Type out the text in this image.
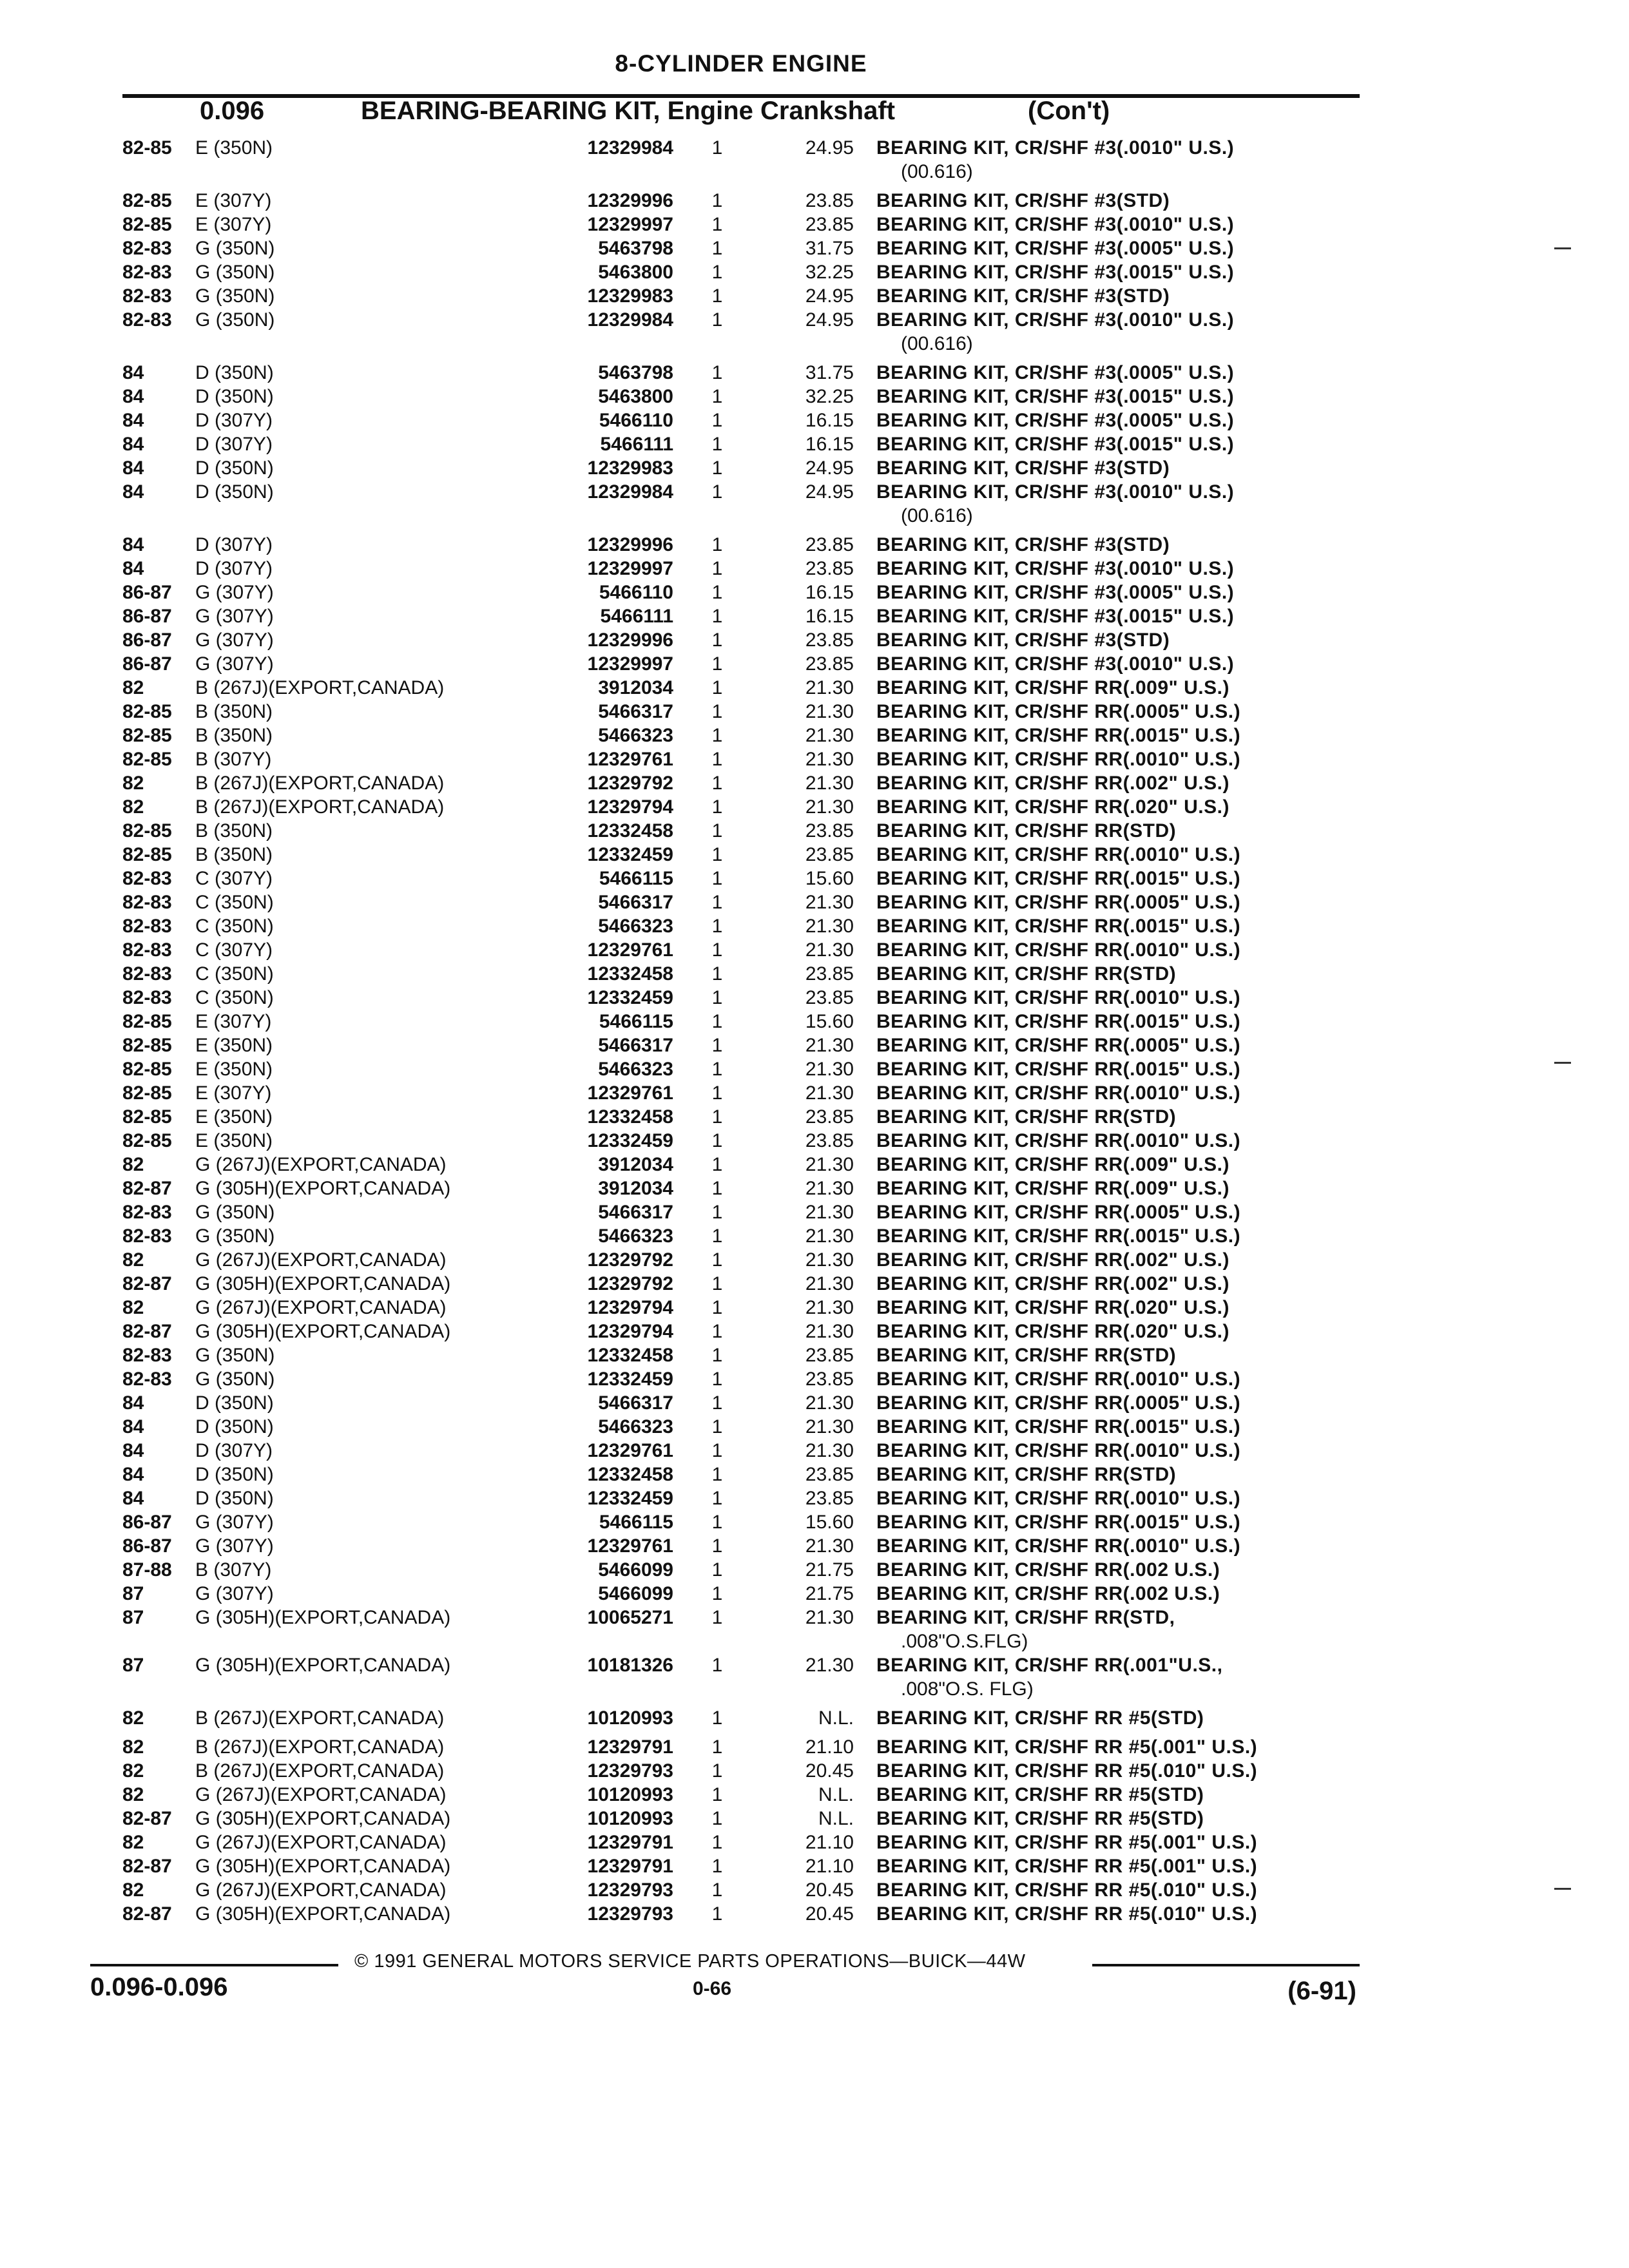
8-CYLINDER ENGINE
0.096	BEARING-BEARING KIT, Engine Crankshaft	(Con't)
82-85	E (350N)	12329984 1	24.95 BEARING KIT, CR/SHF #3(.0010" U.S.)
(00.616)
82-85	E (307Y)	12329996 1	23.85 BEARING KIT, CR/SHF #3(STD)
82-85	E (307Y)	12329997 1	23.85 BEARING KIT, CR/SHF #3(.0010" U.S.)
82-83	G (350N)	5463798 1	31.75 BEARING KIT, CR/SHF #3(.0005" U.S.)
82-83	G (350N)	5463800 1	32.25 BEARING KIT, CR/SHF #3(.0015" U.S.)
82-83	G (350N)	12329983 1	24.95 BEARING KIT, CR/SHF #3(STD)
82-83	G (350N)	12329984 1	24.95 BEARING KIT, CR/SHF #3(.0010" U.S.)
(00.616)
84	D (350N)	5463798 1	31.75 BEARING KIT, CR/SHF #3(.0005" U.S.)
84	D (350N)	5463800 1	32.25 BEARING KIT, CR/SHF #3(.0015" U.S.)
84	D (307Y)	5466110 1	16.15 BEARING KIT, CR/SHF #3(.0005" U.S.)
84	D (307Y)	5466111 1	16.15 BEARING KIT, CR/SHF #3(.0015" U.S.)
84	D (350N)	12329983 1	24.95 BEARING KIT, CR/SHF #3(STD)
84	D (350N)	12329984 1	24.95 BEARING KIT, CR/SHF #3(.0010" U.S.)
(00.616)
84	D (307Y)	12329996 1	23.85 BEARING KIT, CR/SHF #3(STD)
84	D (307Y)	12329997 1	23.85 BEARING KIT, CR/SHF #3(.0010" U.S.)
86-87	G (307Y)	5466110 1	16.15 BEARING KIT, CR/SHF #3(.0005" U.S.)
86-87	G (307Y)	5466111 1	16.15 BEARING KIT, CR/SHF #3(.0015" U.S.)
86-87	G (307Y)	12329996 1	23.85 BEARING KIT, CR/SHF #3(STD)
86-87	G (307Y)	12329997 1	23.85 BEARING KIT, CR/SHF #3(.0010" U.S.)
82	B (267J)(EXPORT,CANADA)	3912034 1	21.30 BEARING KIT, CR/SHF RR(.009" U.S.)
82-85	B (350N)	5466317 1	21.30 BEARING KIT, CR/SHF RR(.0005" U.S.)
82-85	B (350N)	5466323 1	21.30 BEARING KIT, CR/SHF RR(.0015" U.S.)
82-85	B (307Y)	12329761 1	21.30 BEARING KIT, CR/SHF RR(.0010" U.S.)
82	B (267J)(EXPORT,CANADA)	12329792 1	21.30 BEARING KIT, CR/SHF RR(.002" U.S.)
82	B (267J)(EXPORT,CANADA)	12329794 1	21.30 BEARING KIT, CR/SHF RR(.020" U.S.)
82-85	B (350N)	12332458 1	23.85 BEARING KIT, CR/SHF RR(STD)
82-85	B (350N)	12332459 1	23.85 BEARING KIT, CR/SHF RR(.0010" U.S.)
82-83	C (307Y)	5466115 1	15.60 BEARING KIT, CR/SHF RR(.0015" U.S.)
82-83	C (350N)	5466317 1	21.30 BEARING KIT, CR/SHF RR(.0005" U.S.)
82-83	C (350N)	5466323 1	21.30 BEARING KIT, CR/SHF RR(.0015" U.S.)
82-83	C (307Y)	12329761 1	21.30 BEARING KIT, CR/SHF RR(.0010" U.S.)
82-83	C (350N)	12332458 1	23.85 BEARING KIT, CR/SHF RR(STD)
82-83	C (350N)	12332459 1	23.85 BEARING KIT, CR/SHF RR(.0010" U.S.)
82-85	E (307Y)	5466115 1	15.60 BEARING KIT, CR/SHF RR(.0015" U.S.)
82-85	E (350N)	5466317 1	21.30 BEARING KIT, CR/SHF RR(.0005" U.S.)
82-85	E (350N)	5466323 1	21.30 BEARING KIT, CR/SHF RR(.0015" U.S.)
82-85	E (307Y)	12329761 1	21.30 BEARING KIT, CR/SHF RR(.0010" U.S.)
82-85	E (350N)	12332458 1	23.85 BEARING KIT, CR/SHF RR(STD)
82-85	E (350N)	12332459 1	23.85 BEARING KIT, CR/SHF RR(.0010" U.S.)
82	G (267J)(EXPORT,CANADA)	3912034 1	21.30 BEARING KIT, CR/SHF RR(.009" U.S.)
82-87	G (305H)(EXPORT,CANADA)	3912034 1	21.30 BEARING KIT, CR/SHF RR(.009" U.S.)
82-83	G (350N)	5466317 1	21.30 BEARING KIT, CR/SHF RR(.0005" U.S.)
82-83	G (350N)	5466323 1	21.30 BEARING KIT, CR/SHF RR(.0015" U.S.)
82	G (267J)(EXPORT,CANADA)	12329792 1	21.30 BEARING KIT, CR/SHF RR(.002" U.S.)
82-87	G (305H)(EXPORT,CANADA)	12329792 1	21.30 BEARING KIT, CR/SHF RR(.002" U.S.)
82	G (267J)(EXPORT,CANADA)	12329794 1	21.30 BEARING KIT, CR/SHF RR(.020" U.S.)
82-87	G (305H)(EXPORT,CANADA)	12329794 1	21.30 BEARING KIT, CR/SHF RR(.020" U.S.)
82-83	G (350N)	12332458 1	23.85 BEARING KIT, CR/SHF RR(STD)
82-83	G (350N)	12332459 1	23.85 BEARING KIT, CR/SHF RR(.0010" U.S.)
84	D (350N)	5466317 1	21.30 BEARING KIT, CR/SHF RR(.0005" U.S.)
84	D (350N)	5466323 1	21.30 BEARING KIT, CR/SHF RR(.0015" U.S.)
84	D (307Y)	12329761 1	21.30 BEARING KIT, CR/SHF RR(.0010" U.S.)
84	D (350N)	12332458 1	23.85 BEARING KIT, CR/SHF RR(STD)
84	D (350N)	12332459 1	23.85 BEARING KIT, CR/SHF RR(.0010" U.S.)
86-87	G (307Y)	5466115 1	15.60 BEARING KIT, CR/SHF RR(.0015" U.S.)
86-87	G (307Y)	12329761 1	21.30 BEARING KIT, CR/SHF RR(.0010" U.S.)
87-88	B (307Y)	5466099 1	21.75 BEARING KIT, CR/SHF RR(.002 U.S.)
87	G (307Y)	5466099 1	21.75 BEARING KIT, CR/SHF RR(.002 U.S.)
87	G (305H)(EXPORT,CANADA)	10065271 1	21.30 BEARING KIT, CR/SHF RR(STD,
.008"O.S.FLG)
87	G (305H)(EXPORT,CANADA)	10181326 1	21.30 BEARING KIT, CR/SHF RR(.001"U.S.,
.008"O.S. FLG)
82	B (267J)(EXPORT,CANADA)	10120993 1	N.L. BEARING KIT, CR/SHF RR #5(STD)
82	B (267J)(EXPORT,CANADA)	12329791 1	21.10 BEARING KIT, CR/SHF RR #5(.001" U.S.)
82	B (267J)(EXPORT,CANADA)	12329793 1	20.45 BEARING KIT, CR/SHF RR #5(.010" U.S.)
82	G (267J)(EXPORT,CANADA)	10120993 1	N.L. BEARING KIT, CR/SHF RR #5(STD)
82-87	G (305H)(EXPORT,CANADA)	10120993 1	N.L. BEARING KIT, CR/SHF RR #5(STD)
82	G (267J)(EXPORT,CANADA)	12329791 1	21.10 BEARING KIT, CR/SHF RR #5(.001" U.S.)
82-87	G (305H)(EXPORT,CANADA)	12329791 1	21.10 BEARING KIT, CR/SHF RR #5(.001" U.S.)
82	G (267J)(EXPORT,CANADA)	12329793 1	20.45 BEARING KIT, CR/SHF RR #5(.010" U.S.)
82-87	G (305H)(EXPORT,CANADA)	12329793 1	20.45 BEARING KIT, CR/SHF RR #5(.010" U.S.)
© 1991 GENERAL MOTORS SERVICE PARTS OPERATIONS—BUICK—44W
0.096-0.096	0-66	(6-91)
